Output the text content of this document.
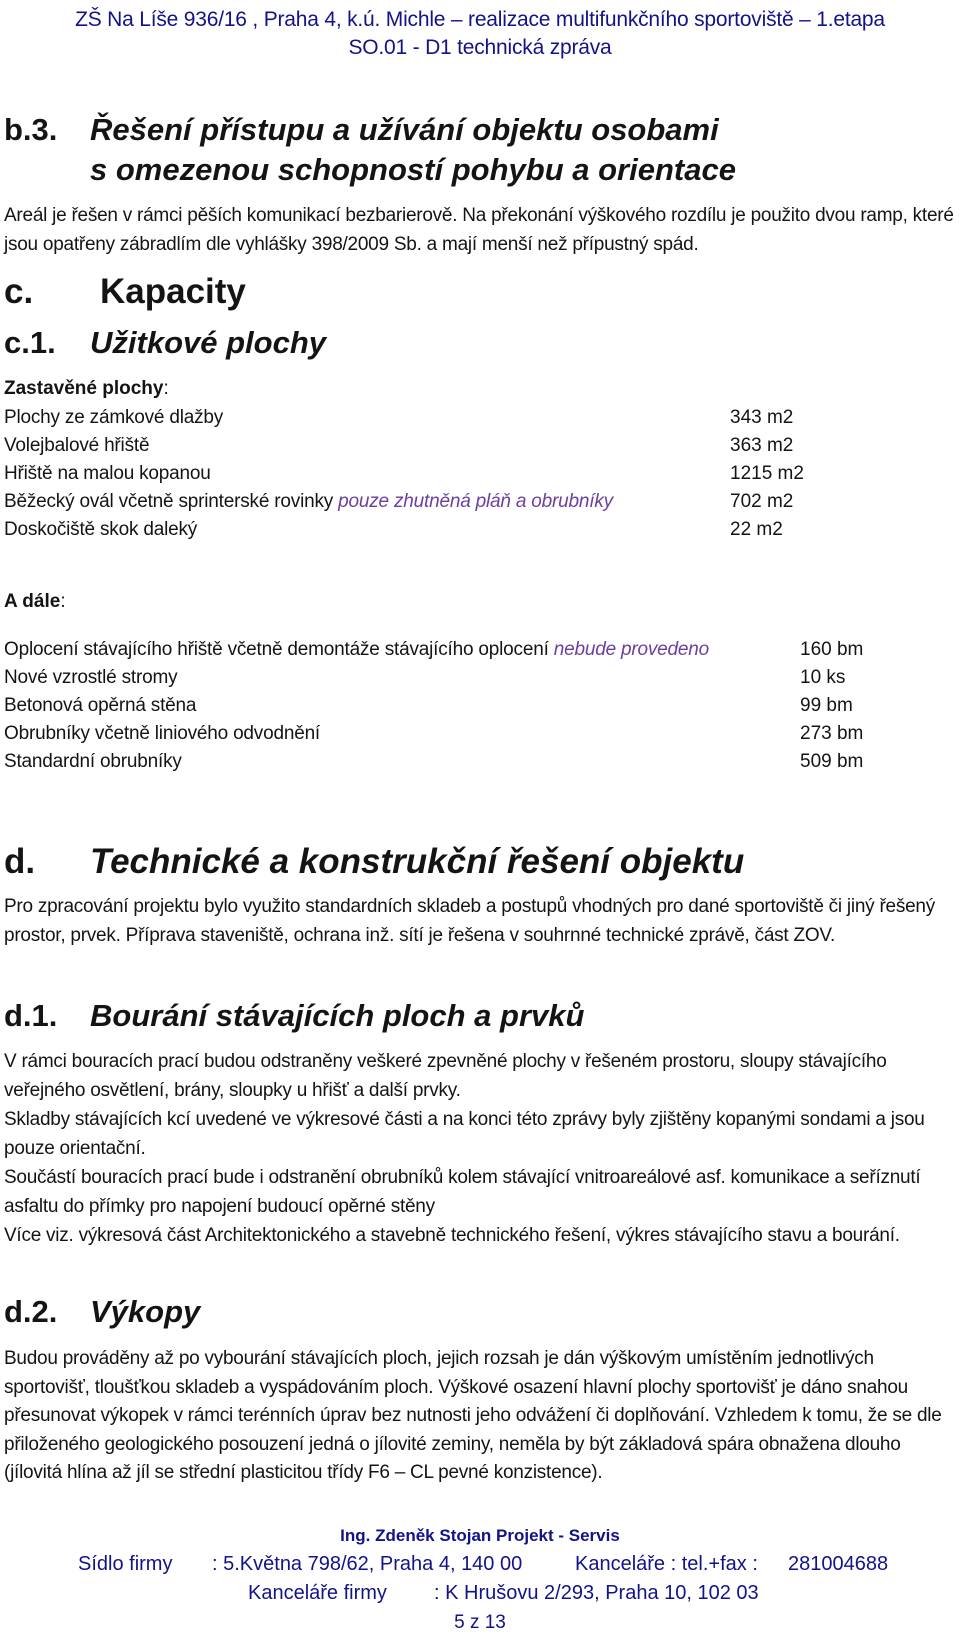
ZŠ Na Líše 936/16 , Praha 4, k.ú. Michle – realizace multifunkčního sportoviště – 1.etapa
SO.01 - D1 technická zpráva
b.3. Řešení přístupu a užívání objektu osobami
s omezenou schopností pohybu a orientace
Areál je řešen v rámci pěších komunikací bezbarierově. Na překonání výškového rozdílu je použito dvou ramp, které jsou opatřeny zábradlím dle vyhlášky 398/2009 Sb. a mají menší než přípustný spád.
c. Kapacity
c.1. Užitkové plochy
Zastavěné plochy:
Plochy ze zámkové dlažby	343 m2
Volejbalové hřiště	363 m2
Hřiště na malou kopanou	1215 m2
Běžecký ovál včetně sprinterské rovinky pouze zhutněná pláň a obrubníky	702 m2
Doskočiště skok daleký	22 m2
A dále:
Oplocení stávajícího hřiště včetně demontáže stávajícího oplocení nebude provedeno	160 bm
Nové vzrostlé stromy	10 ks
Betonová opěrná stěna	99 bm
Obrubníky včetně liniového odvodnění	273 bm
Standardní obrubníky	509 bm
d. Technické a konstrukční řešení objektu
Pro zpracování projektu bylo využito standardních skladeb a postupů vhodných pro dané sportoviště či jiný řešený prostor, prvek. Příprava staveniště, ochrana inž. sítí je řešena v souhrnné technické zprávě, část ZOV.
d.1. Bourání stávajících ploch a prvků
V rámci bouracích prací budou odstraněny veškeré zpevněné plochy v řešeném prostoru, sloupy stávajícího veřejného osvětlení, brány, sloupky u hřišť a další prvky.
Skladby stávajících kcí uvedené ve výkresové části a na konci této zprávy byly zjištěny kopanými sondami a jsou pouze orientační.
Součástí bouracích prací bude i odstranění obrubníků kolem stávající vnitroareálové asf. komunikace a seříznutí asfaltu do přímky pro napojení budoucí opěrné stěny
Více viz. výkresová část Architektonického a stavebně technického řešení, výkres stávajícího stavu a bourání.
d.2. Výkopy
Budou prováděny až po vybourání stávajících ploch, jejich rozsah je dán výškovým umístěním jednotlivých sportovišť, tloušťkou skladeb a vyspádováním ploch. Výškové osazení hlavní plochy sportovišť je dáno snahou přesunovat výkopek v rámci terénních úprav bez nutnosti jeho odvážení či doplňování. Vzhledem k tomu, že se dle přiloženého geologického posouzení jedná o jílovité zeminy, neměla by být základová spára obnažena dlouho (jílovitá hlína až jíl se střední plasticitou třídy F6 – CL pevné konzistence).
Ing. Zdeněk Stojan Projekt - Servis
Sídlo firmy : 5.Května 798/62, Praha 4, 140 00	Kanceláře : tel.+fax : 281004688
Kanceláře firmy : K Hrušovu 2/293, Praha 10, 102 03
5 z 13
